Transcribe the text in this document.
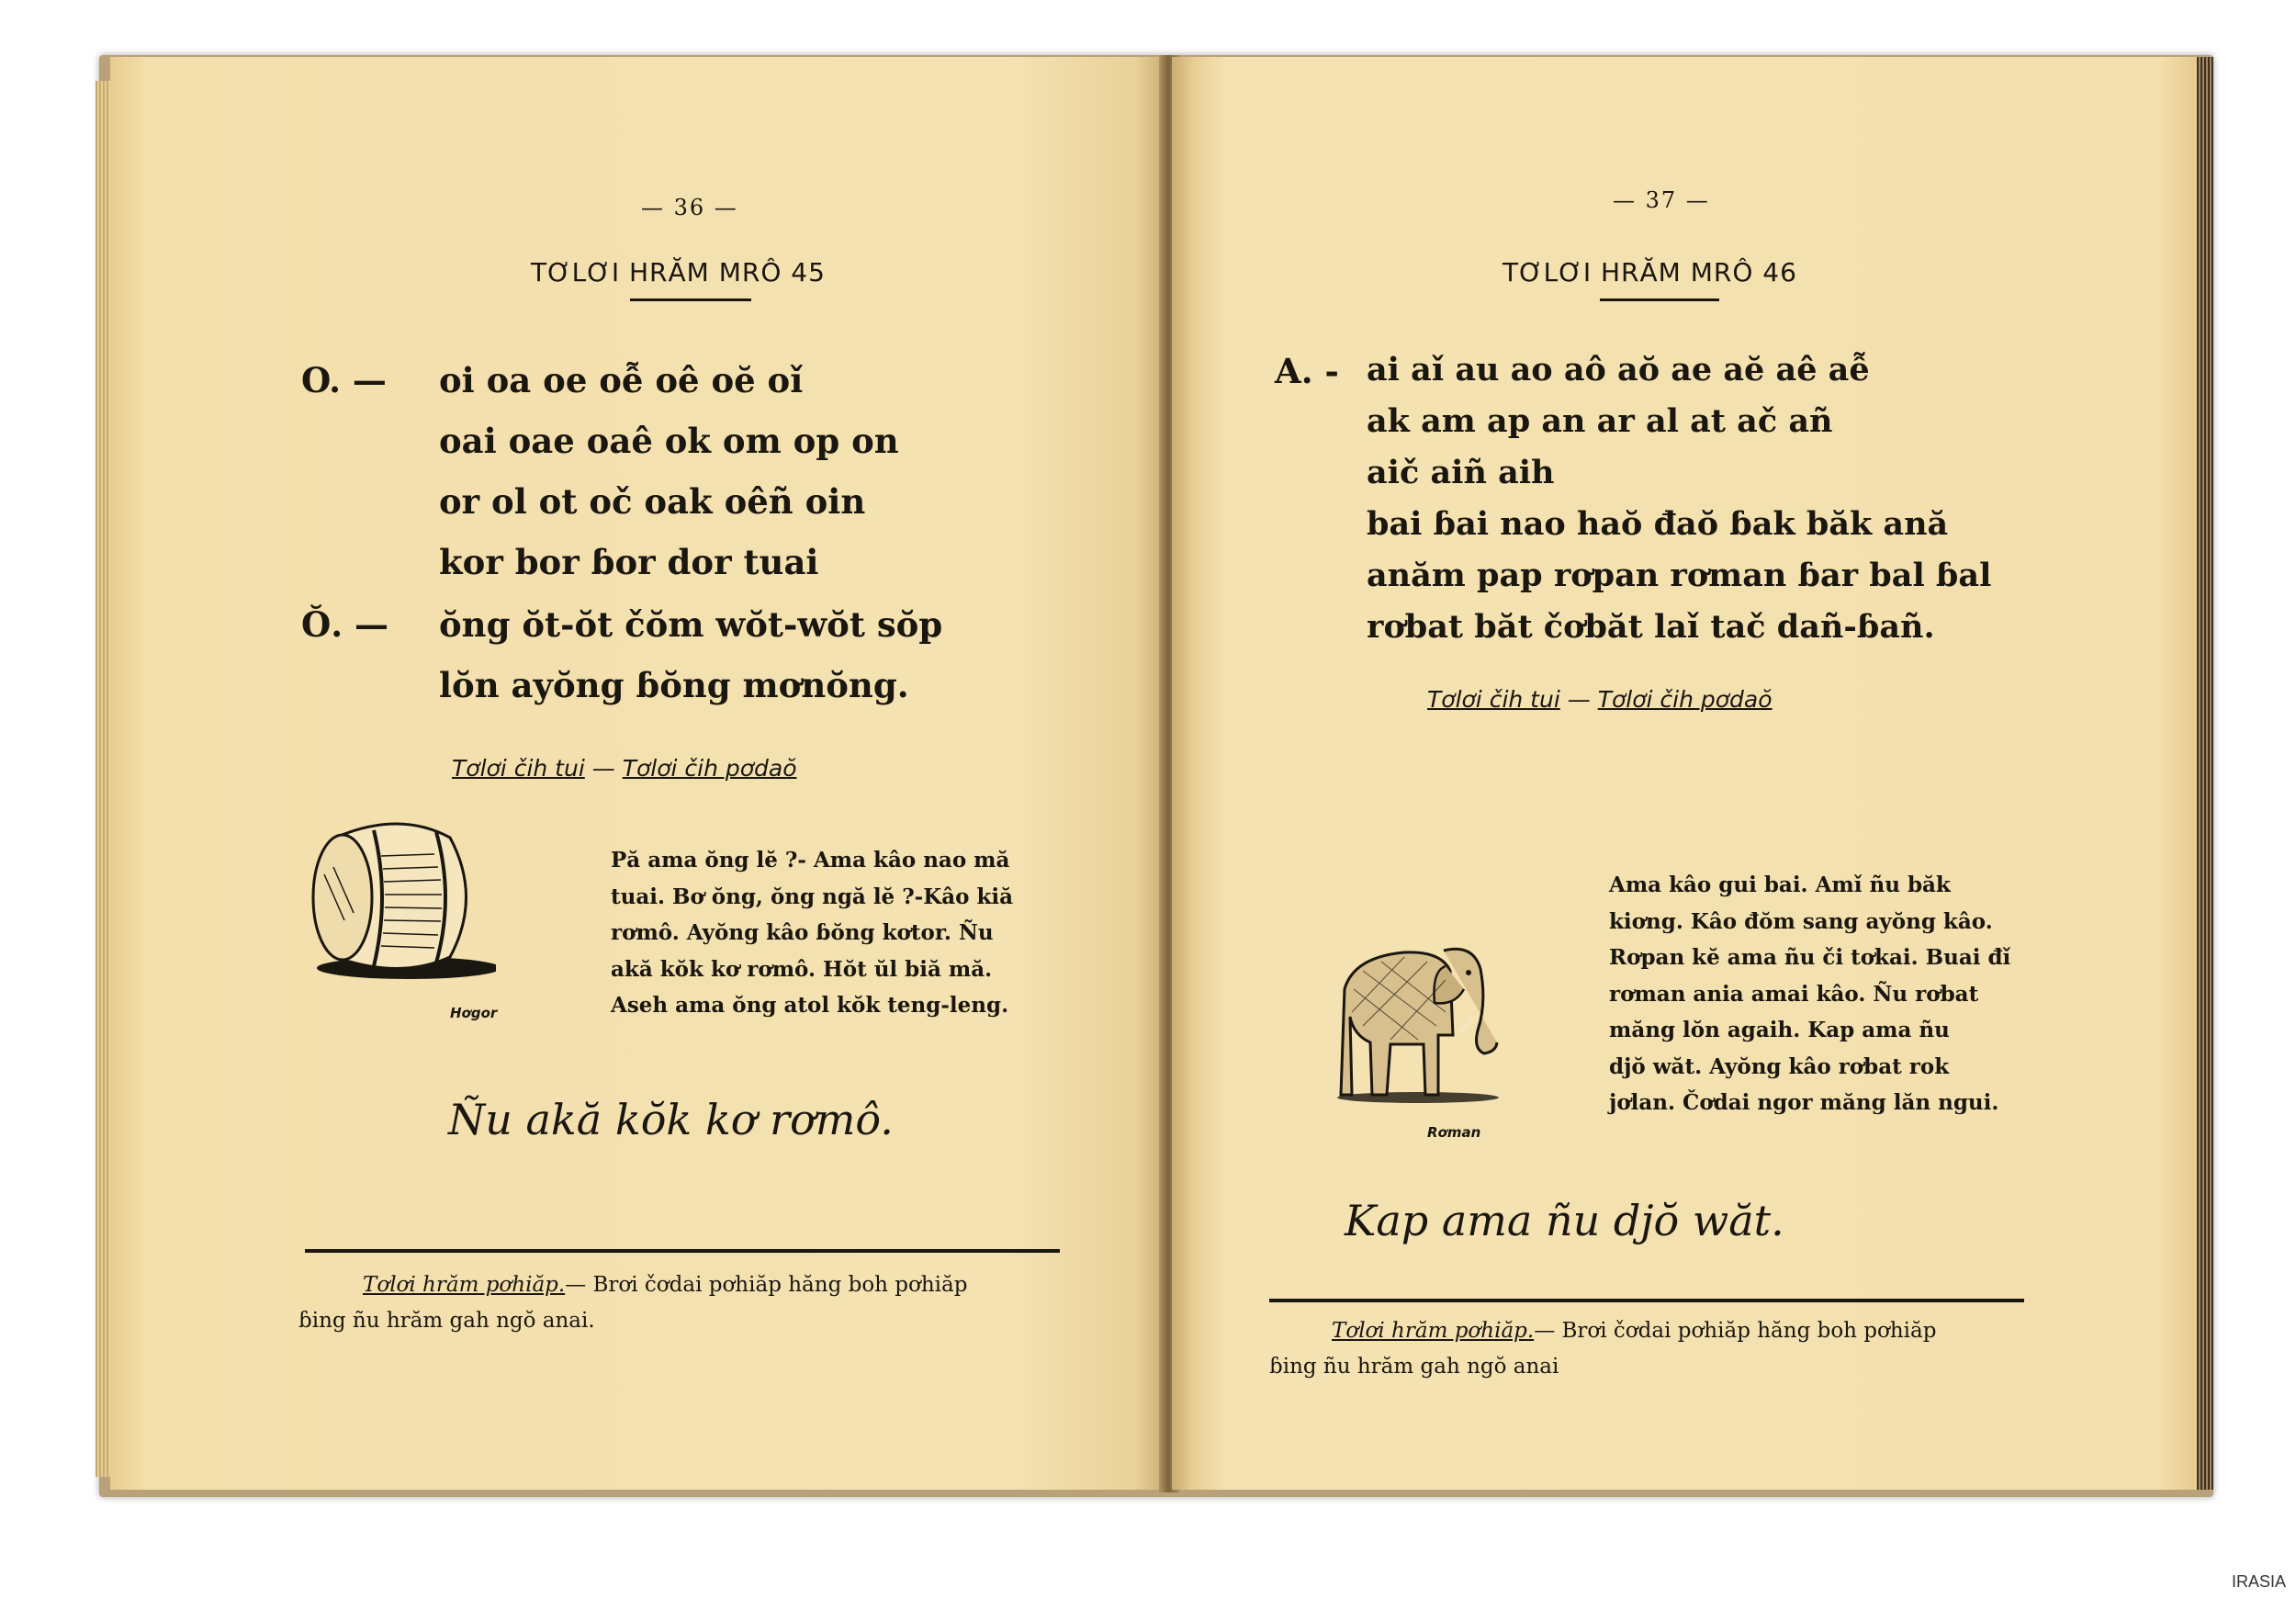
— 36 —
TƠLƠI HRĂM MRÔ 45
O. — oi oa oe oễ oê oĕ oǐ
oai oae oaê ok om op on
or ol ot oč oak oêñ oin
kor bor ɓor dor tuai
Ŏ. — ŏng ŏt-ŏt čŏm wŏt-wŏt sŏp
lŏn ayŏng ɓŏng mơnŏng.
Tơlơi čih tui — Tơlơi čih pơdaŏ
Hơgor
Pă ama ŏng lĕ ?- Ama kâo nao mă
tuai. Bơ ŏng, ŏng ngă lĕ ?-Kâo kiă
rơmô. Ayŏng kâo ɓŏng kơtor. Ñu
akă kŏk kơ rơmô. Hŏt ŭl biă mă.
Aseh ama ŏng atol kŏk teng-leng.
Ñu akă kŏk kơ rơmô.
Tơlơi hrăm pơhiăp.— Brơi čơdai pơhiăp hăng boh pơhiăp
ɓing ñu hrăm gah ngŏ anai.
— 37 —
TƠLƠI HRĂM MRÔ 46
A. - ai aǐ au ao aô aŏ ae aĕ aê aễ
ak am ap an ar al at ač añ
aič aiñ aih
bai ɓai nao haŏ đaŏ ɓak băk ană
anăm pap rơpan rơman ɓar bal ɓal
rơbat băt čơbăt laǐ tač dañ-ɓañ.
Tơlơi čih tui — Tơlơi čih pơdaŏ
Rơman
Ama kâo gui bai. Amǐ ñu băk
kiơng. Kâo đŏm sang ayŏng kâo.
Rơpan kĕ ama ñu či tơkai. Buai đǐ
rơman ania amai kâo. Ñu rơbat
măng lŏn agaih. Kap ama ñu
djŏ wăt. Ayŏng kâo rơbat rok
jơlan. Čơdai ngor măng lăn ngui.
Kap ama ñu djŏ wăt.
Tơlơi hrăm pơhiăp.— Brơi čơdai pơhiăp hăng boh pơhiăp
ɓing ñu hrăm gah ngŏ anai
IRASIA
